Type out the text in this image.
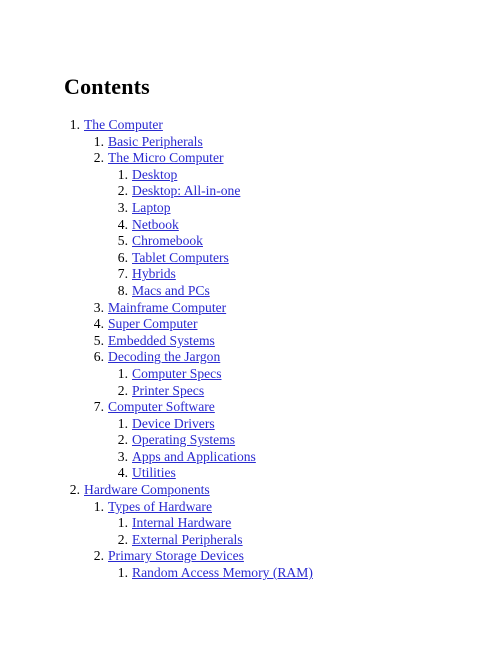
Contents
1. The Computer
1. Basic Peripherals
2. The Micro Computer
1. Desktop
2. Desktop: All-in-one
3. Laptop
4. Netbook
5. Chromebook
6. Tablet Computers
7. Hybrids
8. Macs and PCs
3. Mainframe Computer
4. Super Computer
5. Embedded Systems
6. Decoding the Jargon
1. Computer Specs
2. Printer Specs
7. Computer Software
1. Device Drivers
2. Operating Systems
3. Apps and Applications
4. Utilities
2. Hardware Components
1. Types of Hardware
1. Internal Hardware
2. External Peripherals
2. Primary Storage Devices
1. Random Access Memory (RAM)
